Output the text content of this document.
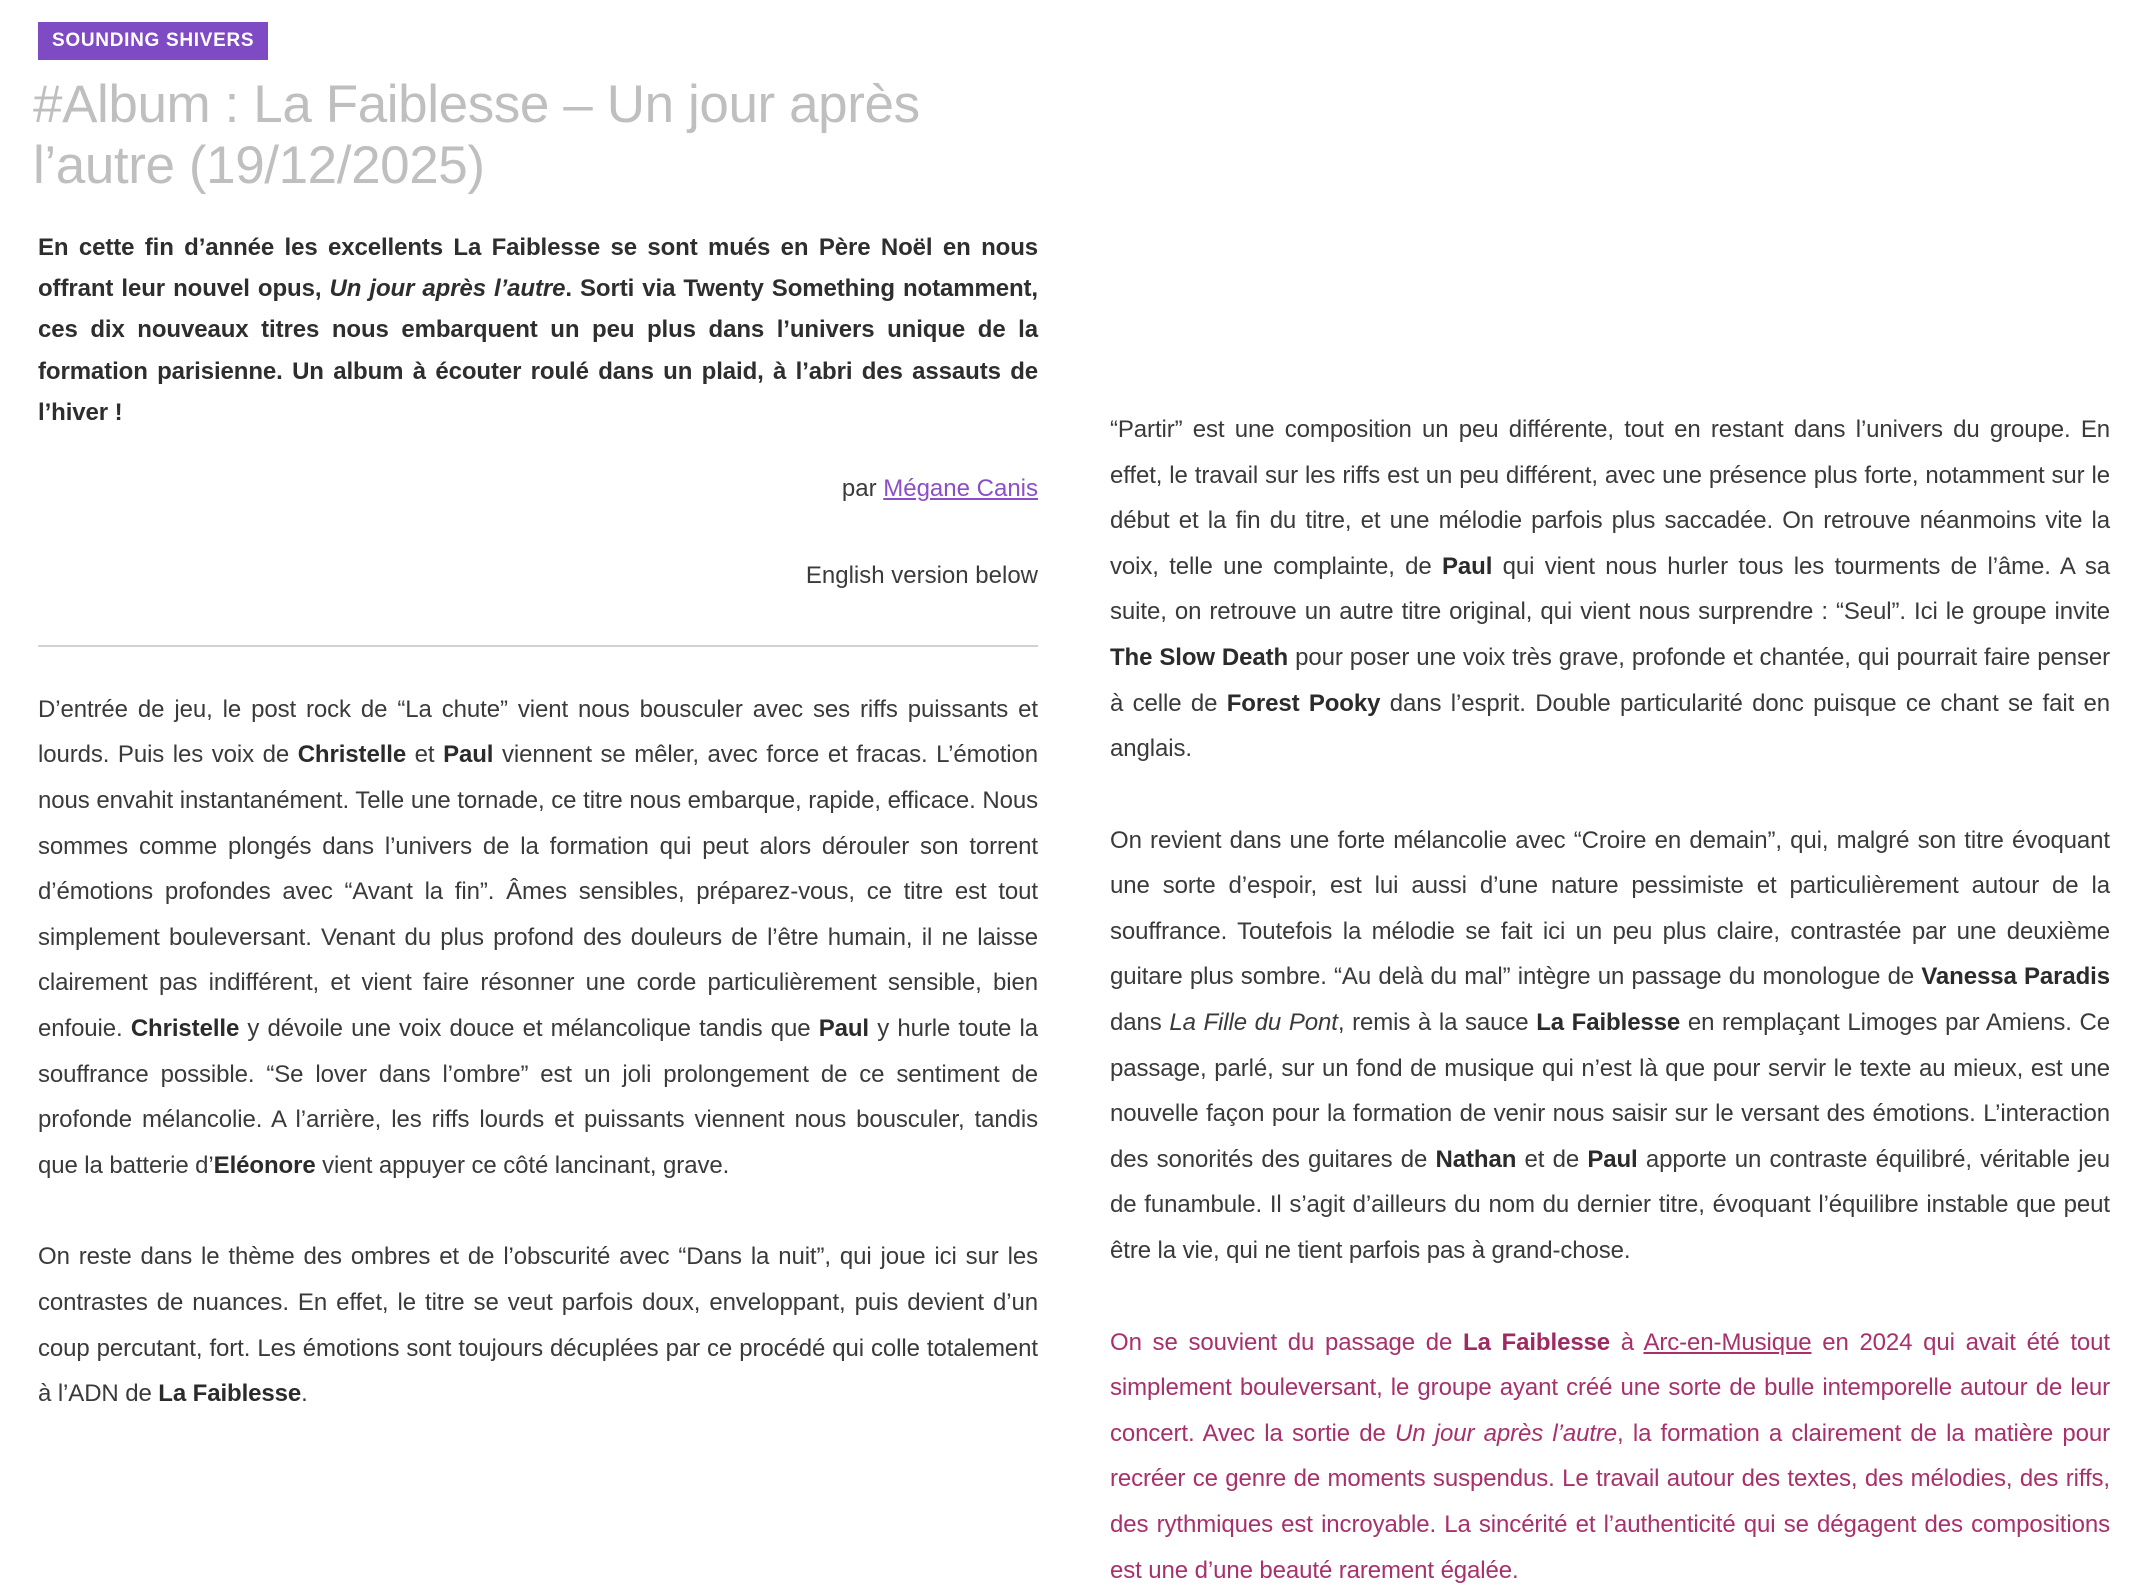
SOUNDING SHIVERS
#Album : La Faiblesse – Un jour après l’autre (19/12/2025)

En cette fin d’année les excellents La Faiblesse se sont mués en Père Noël en nous offrant leur nouvel opus, Un jour après l’autre. Sorti via Twenty Something notamment, ces dix nouveaux titres nous embarquent un peu plus dans l’univers unique de la formation parisienne. Un album à écouter roulé dans un plaid, à l’abri des assauts de l’hiver !

par Mégane Canis

English version below

D’entrée de jeu, le post rock de “La chute” vient nous bousculer avec ses riffs puissants et lourds. Puis les voix de Christelle et Paul viennent se mêler, avec force et fracas. L’émotion nous envahit instantanément. Telle une tornade, ce titre nous embarque, rapide, efficace. Nous sommes comme plongés dans l’univers de la formation qui peut alors dérouler son torrent d’émotions profondes avec “Avant la fin”. Âmes sensibles, préparez-vous, ce titre est tout simplement bouleversant. Venant du plus profond des douleurs de l’être humain, il ne laisse clairement pas indifférent, et vient faire résonner une corde particulièrement sensible, bien enfouie. Christelle y dévoile une voix douce et mélancolique tandis que Paul y hurle toute la souffrance possible. “Se lover dans l’ombre” est un joli prolongement de ce sentiment de profonde mélancolie. A l’arrière, les riffs lourds et puissants viennent nous bousculer, tandis que la batterie d’Eléonore vient appuyer ce côté lancinant, grave.

On reste dans le thème des ombres et de l’obscurité avec “Dans la nuit”, qui joue ici sur les contrastes de nuances. En effet, le titre se veut parfois doux, enveloppant, puis devient d’un coup percutant, fort. Les émotions sont toujours décuplées par ce procédé qui colle totalement à l’ADN de La Faiblesse.

“Partir” est une composition un peu différente, tout en restant dans l’univers du groupe. En effet, le travail sur les riffs est un peu différent, avec une présence plus forte, notamment sur le début et la fin du titre, et une mélodie parfois plus saccadée. On retrouve néanmoins vite la voix, telle une complainte, de Paul qui vient nous hurler tous les tourments de l’âme. A sa suite, on retrouve un autre titre original, qui vient nous surprendre : “Seul”. Ici le groupe invite The Slow Death pour poser une voix très grave, profonde et chantée, qui pourrait faire penser à celle de Forest Pooky dans l’esprit. Double particularité donc puisque ce chant se fait en anglais.

On revient dans une forte mélancolie avec “Croire en demain”, qui, malgré son titre évoquant une sorte d’espoir, est lui aussi d’une nature pessimiste et particulièrement autour de la souffrance. Toutefois la mélodie se fait ici un peu plus claire, contrastée par une deuxième guitare plus sombre. “Au delà du mal” intègre un passage du monologue de Vanessa Paradis dans La Fille du Pont, remis à la sauce La Faiblesse en remplaçant Limoges par Amiens. Ce passage, parlé, sur un fond de musique qui n’est là que pour servir le texte au mieux, est une nouvelle façon pour la formation de venir nous saisir sur le versant des émotions. L’interaction des sonorités des guitares de Nathan et de Paul apporte un contraste équilibré, véritable jeu de funambule. Il s’agit d’ailleurs du nom du dernier titre, évoquant l’équilibre instable que peut être la vie, qui ne tient parfois pas à grand-chose.

On se souvient du passage de La Faiblesse à Arc-en-Musique en 2024 qui avait été tout simplement bouleversant, le groupe ayant créé une sorte de bulle intemporelle autour de leur concert. Avec la sortie de Un jour après l’autre, la formation a clairement de la matière pour recréer ce genre de moments suspendus. Le travail autour des textes, des mélodies, des riffs, des rythmiques est incroyable. La sincérité et l’authenticité qui se dégagent des compositions est une d’une beauté rarement égalée.
